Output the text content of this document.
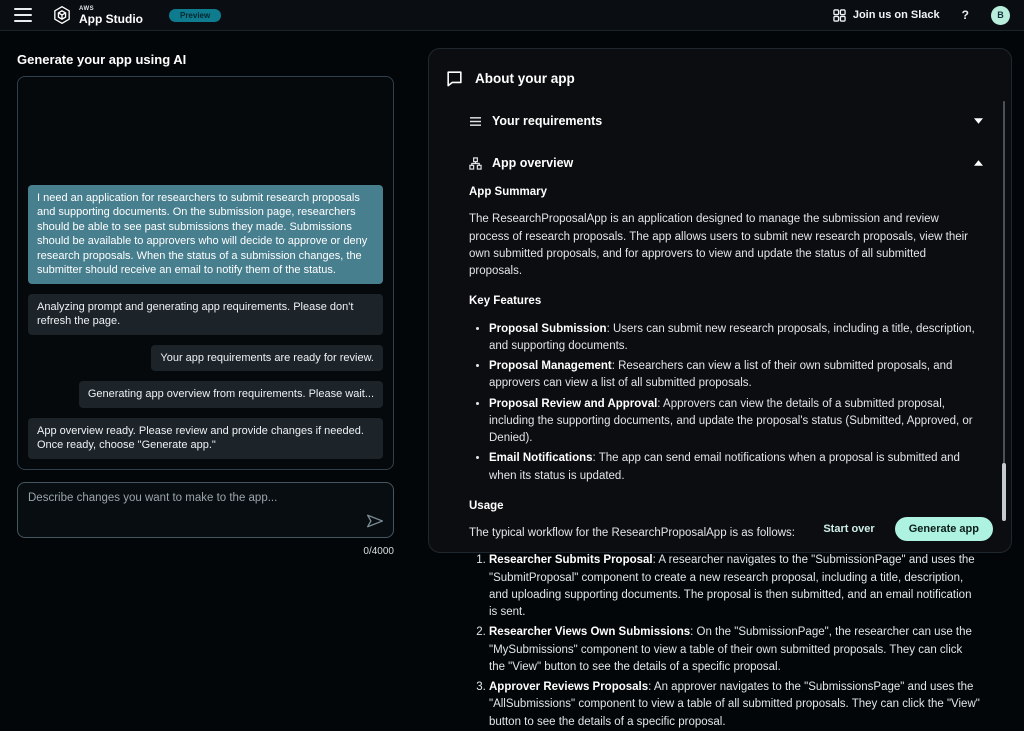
AWS
App Studio	Preview	Join us on Slack ?	B
Generate your app using AI
I need an application for researchers to submit research proposals and supporting documents. On the submission page, researchers should be able to see past submissions they made. Submissions should be available to approvers who will decide to approve or deny research proposals. When the status of a submission changes, the submitter should receive an email to notify them of the status.
Analyzing prompt and generating app requirements. Please don't refresh the page.
Your app requirements are ready for review.
Generating app overview from requirements. Please wait...
App overview ready. Please review and provide changes if needed. Once ready, choose "Generate app."
Describe changes you want to make to the app...
0/4000
About your app
Your requirements
App overview
App Summary

The ResearchProposalApp is an application designed to manage the submission and review process of research proposals. The app allows users to submit new research proposals, view their own submitted proposals, and for approvers to view and update the status of all submitted proposals.

Key Features
• Proposal Submission: Users can submit new research proposals, including a title, description, and supporting documents.
• Proposal Management: Researchers can view a list of their own submitted proposals, and approvers can view a list of all submitted proposals.
• Proposal Review and Approval: Approvers can view the details of a submitted proposal, including the supporting documents, and update the proposal's status (Submitted, Approved, or Denied).
• Email Notifications: The app can send email notifications when a proposal is submitted and when its status is updated.
Usage

The typical workflow for the ResearchProposalApp is as follows:

1. Researcher Submits Proposal: A researcher navigates to the "SubmissionPage" and uses the "SubmitProposal" component to create a new research proposal, including a title, description, and uploading supporting documents. The proposal is then submitted, and an email notification is sent.
2. Researcher Views Own Submissions: On the "SubmissionPage", the researcher can use the "MySubmissions" component to view a table of their own submitted proposals. They can click the "View" button to see the details of a specific proposal.
3. Approver Reviews Proposals: An approver navigates to the "SubmissionsPage" and uses the "AllSubmissions" component to view a table of all submitted proposals. They can click the "View" button to see the details of a specific proposal.
Start over	Generate app
